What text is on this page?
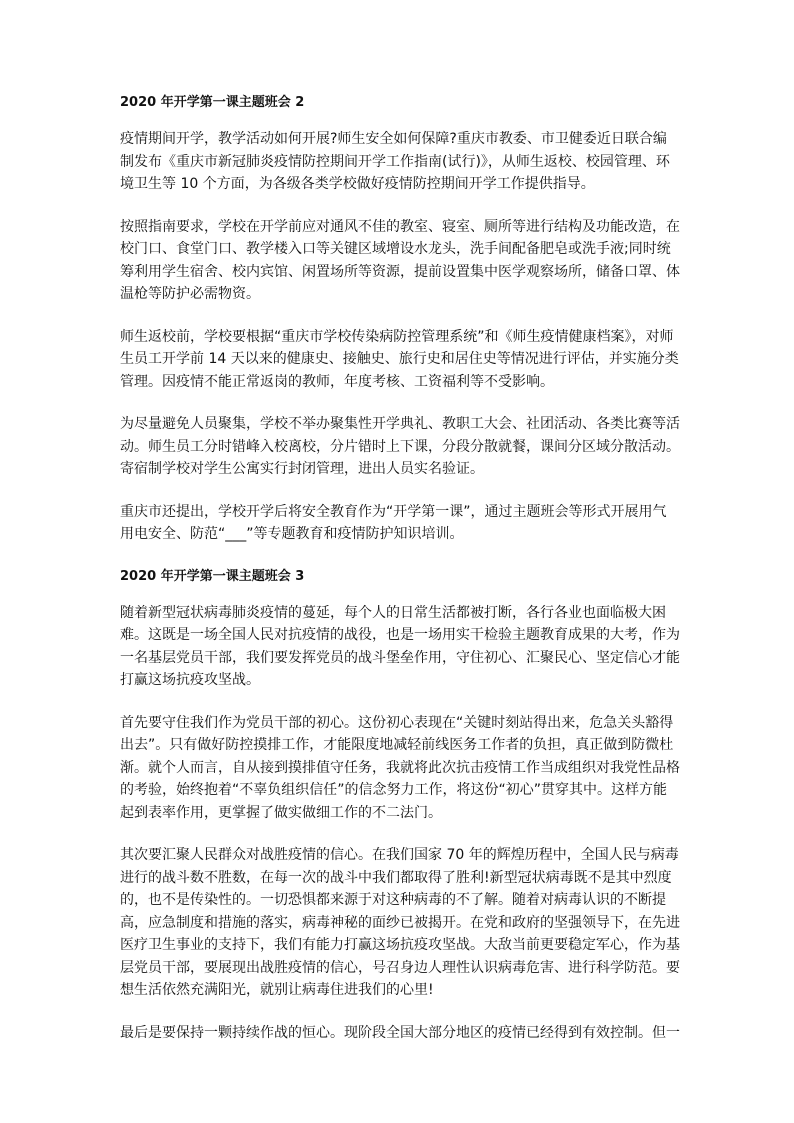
2020 年开学第一课主题班会 2

疫情期间开学，教学活动如何开展?师生安全如何保障?重庆市教委、市卫健委近日联合编制发布《重庆市新冠肺炎疫情防控期间开学工作指南(试行)》，从师生返校、校园管理、环境卫生等 10 个方面，为各级各类学校做好疫情防控期间开学工作提供指导。

按照指南要求，学校在开学前应对通风不佳的教室、寝室、厕所等进行结构及功能改造，在校门口、食堂门口、教学楼入口等关键区域增设水龙头，洗手间配备肥皂或洗手液;同时统筹利用学生宿舍、校内宾馆、闲置场所等资源，提前设置集中医学观察场所，储备口罩、体温枪等防护必需物资。

师生返校前，学校要根据“重庆市学校传染病防控管理系统”和《师生疫情健康档案》，对师生员工开学前 14 天以来的健康史、接触史、旅行史和居住史等情况进行评估，并实施分类管理。因疫情不能正常返岗的教师，年度考核、工资福利等不受影响。

为尽量避免人员聚集，学校不举办聚集性开学典礼、教职工大会、社团活动、各类比赛等活动。师生员工分时错峰入校离校，分片错时上下课，分段分散就餐，课间分区域分散活动。寄宿制学校对学生公寓实行封闭管理，进出人员实名验证。

重庆市还提出，学校开学后将安全教育作为“开学第一课”，通过主题班会等形式开展用气用电安全、防范“___”等专题教育和疫情防护知识培训。

2020 年开学第一课主题班会 3

随着新型冠状病毒肺炎疫情的蔓延，每个人的日常生活都被打断，各行各业也面临极大困难。这既是一场全国人民对抗疫情的战役，也是一场用实干检验主题教育成果的大考，作为一名基层党员干部，我们要发挥党员的战斗堡垒作用，守住初心、汇聚民心、坚定信心才能打赢这场抗疫攻坚战。

首先要守住我们作为党员干部的初心。这份初心表现在“关键时刻站得出来，危急关头豁得出去”。只有做好防控摸排工作，才能限度地减轻前线医务工作者的负担，真正做到防微杜渐。就个人而言，自从接到摸排值守任务，我就将此次抗击疫情工作当成组织对我党性品格的考验，始终抱着“不辜负组织信任”的信念努力工作，将这份“初心”贯穿其中。这样方能起到表率作用，更掌握了做实做细工作的不二法门。

其次要汇聚人民群众对战胜疫情的信心。在我们国家 70 年的辉煌历程中，全国人民与病毒进行的战斗数不胜数，在每一次的战斗中我们都取得了胜利!新型冠状病毒既不是其中烈度的，也不是传染性的。一切恐惧都来源于对这种病毒的不了解。随着对病毒认识的不断提高，应急制度和措施的落实，病毒神秘的面纱已被揭开。在党和政府的坚强领导下，在先进医疗卫生事业的支持下，我们有能力打赢这场抗疫攻坚战。大敌当前更要稳定军心，作为基层党员干部，要展现出战胜疫情的信心，号召身边人理性认识病毒危害、进行科学防范。要想生活依然充满阳光，就别让病毒住进我们的心里!

最后是要保持一颗持续作战的恒心。现阶段全国大部分地区的疫情已经得到有效控制。但一
